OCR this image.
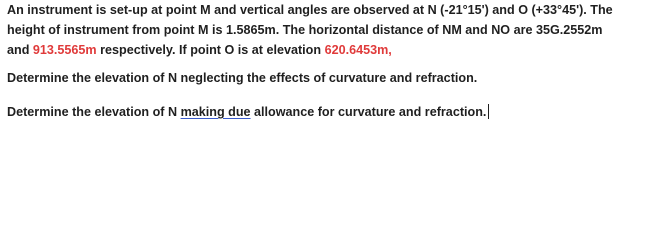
An instrument is set-up at point M and vertical angles are observed at N (-21°15') and O (+33°45'). The
height of instrument from point M is 1.5865m. The horizontal distance of NM and NO are 35G.2552m
and 913.5565m respectively. If point O is at elevation 620.6453m,
Determine the elevation of N neglecting the effects of curvature and refraction.
Determine the elevation of N making due allowance for curvature and refraction.
